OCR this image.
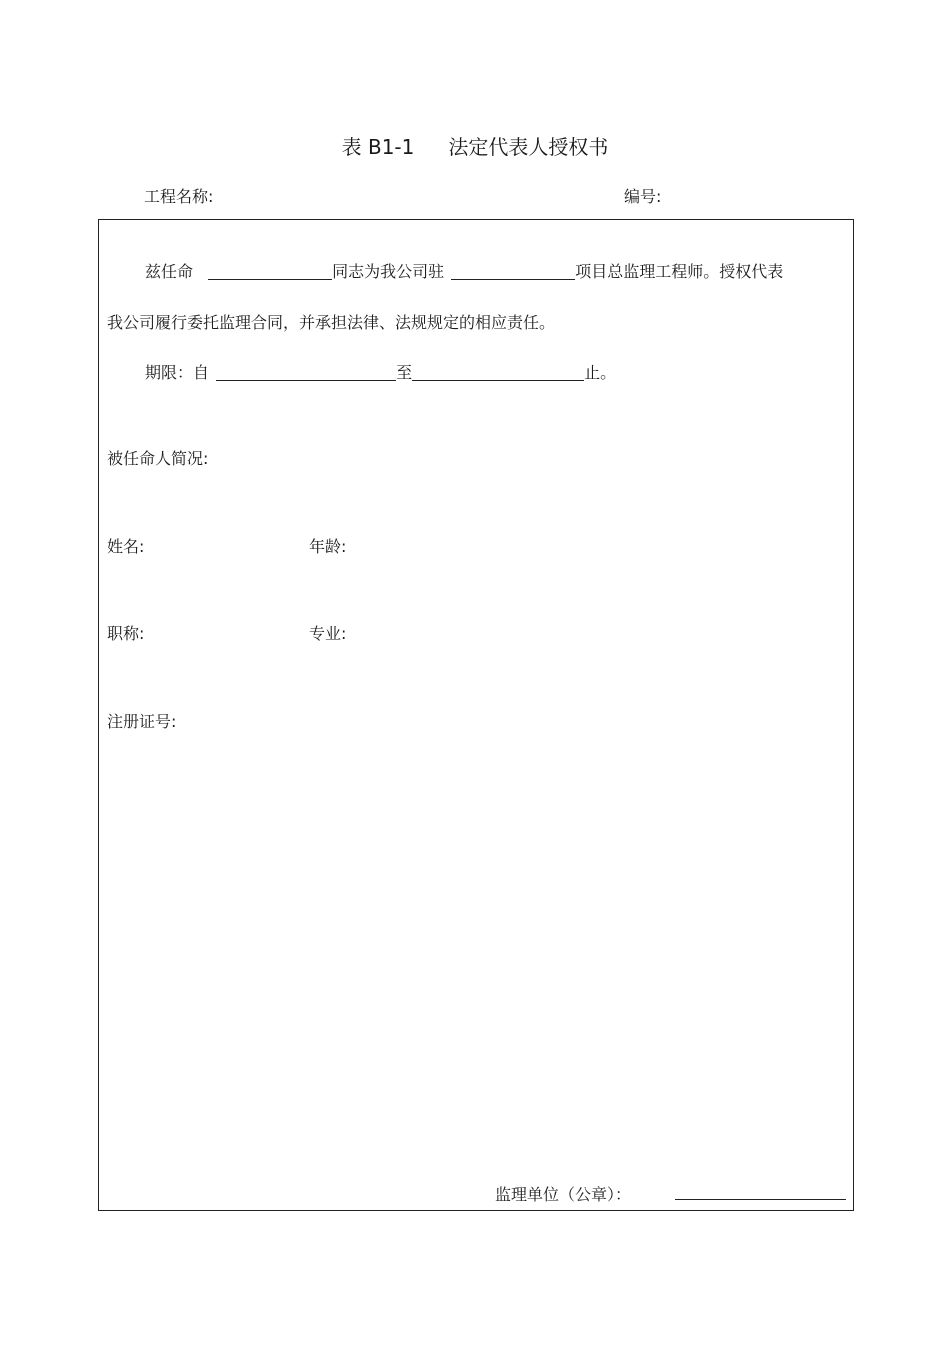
表 B1-1 法定代表人授权书
工程名称:	编号:
兹任命	同志为我公司驻	项目总监理工程师。授权代表
我公司履行委托监理合同，并承担法律、法规规定的相应责任。
期限：自	至	止。
被任命人简况:
姓名:	年龄:
职称:	专业:
注册证号:
监理单位（公章）：
